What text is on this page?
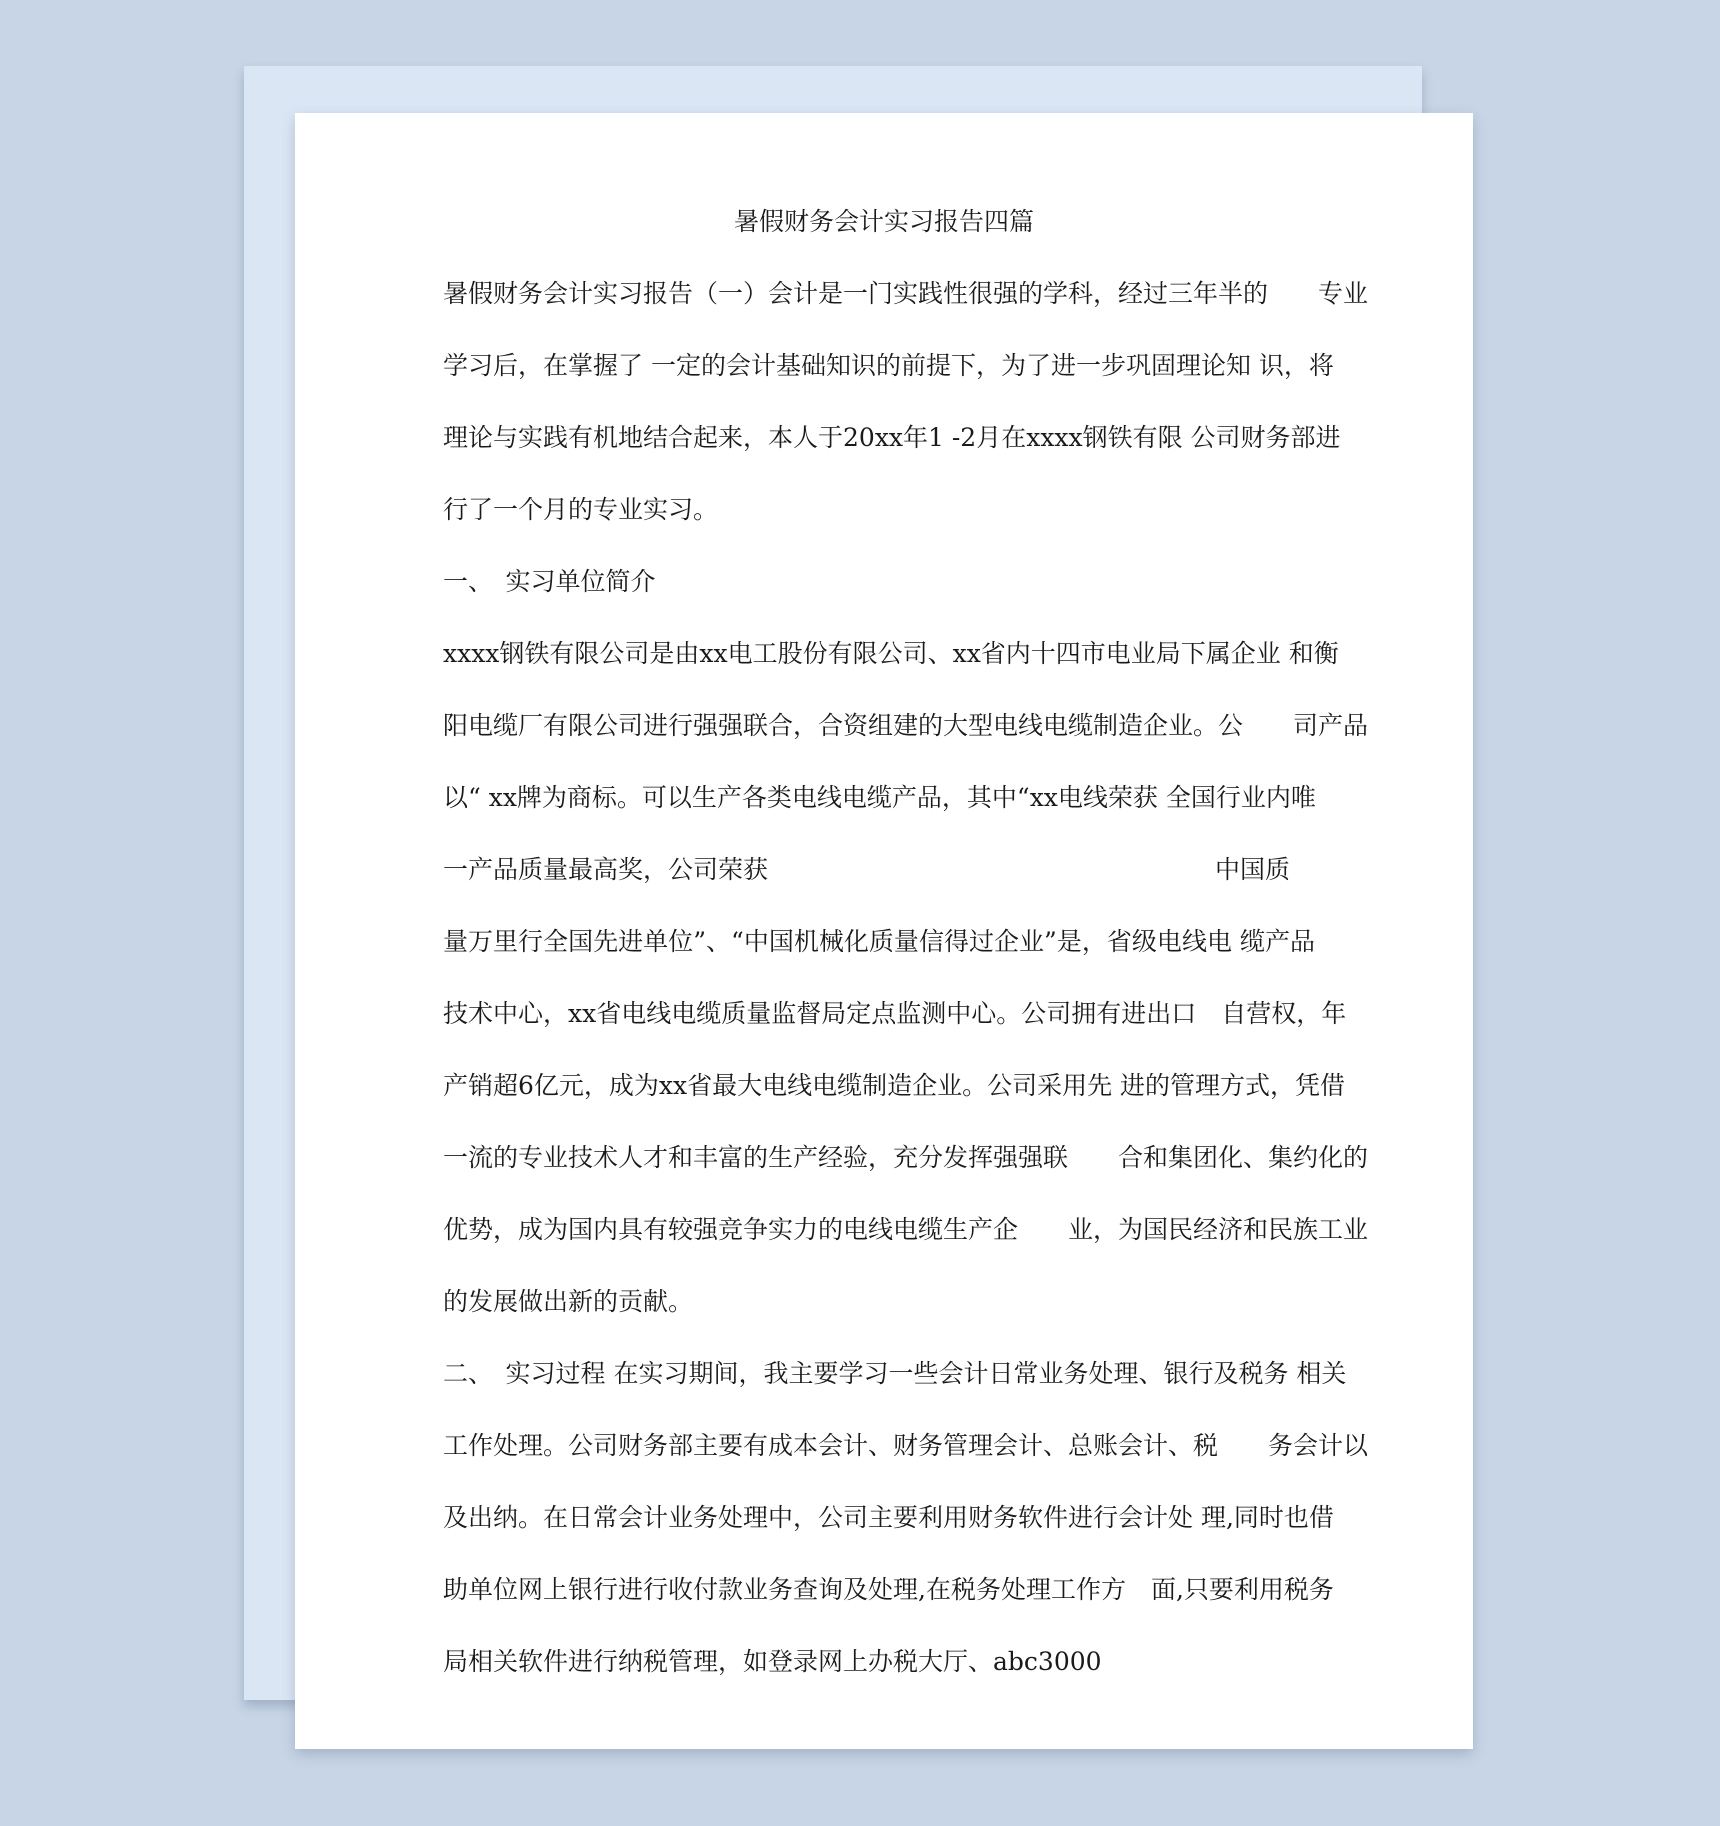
暑假财务会计实习报告四篇
暑假财务会计实习报告（一）会计是一门实践性很强的学科，经过三年半的　　专业
学习后，在掌握了 一定的会计基础知识的前提下，为了进一步巩固理论知 识，将
理论与实践有机地结合起来，本人于20xx年1 -2月在xxxx钢铁有限 公司财务部进
行了一个月的专业实习。
一、　实习单位简介
xxxx钢铁有限公司是由xx电工股份有限公司、xx省内十四市电业局下属企业 和衡
阳电缆厂有限公司进行强强联合，合资组建的大型电线电缆制造企业。公　　司产品
以“ xx牌为商标。可以生产各类电线电缆产品，其中“xx电线荣获 全国行业内唯
一产品质量最高奖，公司荣获	中国质
量万里行全国先进单位”、“中国机械化质量信得过企业”是，省级电线电 缆产品
技术中心，xx省电线电缆质量监督局定点监测中心。公司拥有进出口　自营权，年
产销超6亿元，成为xx省最大电线电缆制造企业。公司采用先 进的管理方式，凭借
一流的专业技术人才和丰富的生产经验，充分发挥强强联　　合和集团化、集约化的
优势，成为国内具有较强竞争实力的电线电缆生产企　　业，为国民经济和民族工业
的发展做出新的贡献。
二、　实习过程 在实习期间，我主要学习一些会计日常业务处理、银行及税务 相关
工作处理。公司财务部主要有成本会计、财务管理会计、总账会计、税　　务会计以
及出纳。在日常会计业务处理中，公司主要利用财务软件进行会计处 理,同时也借
助单位网上银行进行收付款业务查询及处理,在税务处理工作方　面,只要利用税务
局相关软件进行纳税管理，如登录网上办税大厅、abc3000
